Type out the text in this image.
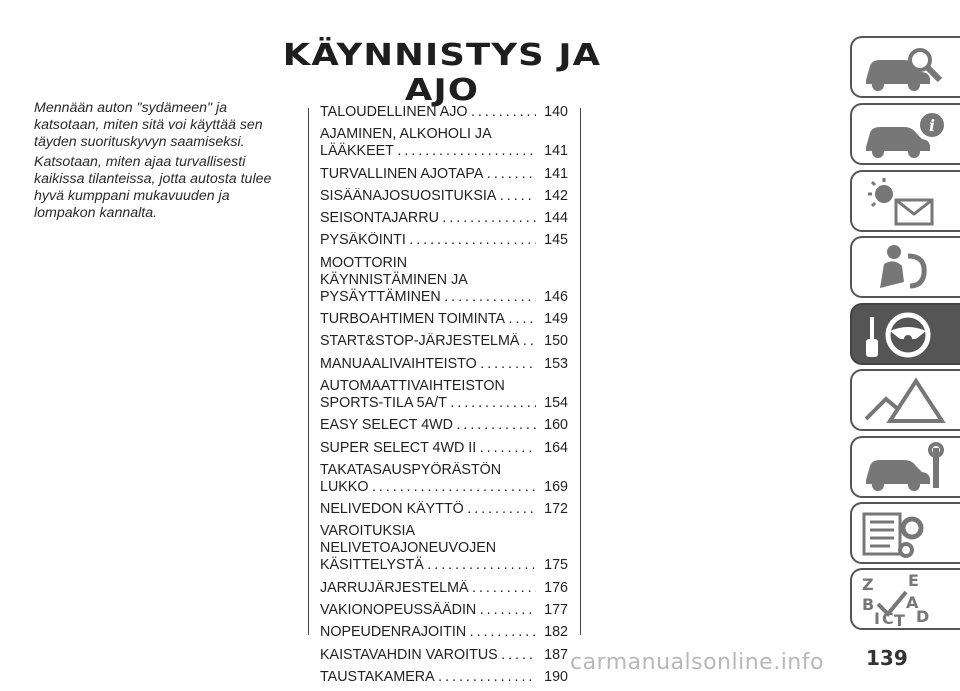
KÄYNNISTYS JA AJO

Mennään auton "sydämeen" ja katsotaan, miten sitä voi käyttää sen täyden suorituskyvyn saamiseksi.

Katsotaan, miten ajaa turvallisesti kaikissa tilanteissa, jotta autosta tulee hyvä kumppani mukavuuden ja lompakon kannalta.

TALOUDELLINEN AJO . . .	140
AJAMINEN, ALKOHOLI JA
LÄÄKKEET . . .	141
TURVALLINEN AJOTAPA . . .	141
SISÄÄNAJOSUOSITUKSIA . . .	142
SEISONTAJARRU . . .	144
PYSÄKÖINTI . . .	145
MOOTTORIN
KÄYNNISTÄMINEN JA
PYSÄYTTÄMINEN . . .	146
TURBOAHTIMEN TOIMINTA . . .	149
START&STOP-JÄRJESTELMÄ . . .	150
MANUAALIVAIHTEISTO . . .	153
AUTOMAATTIVAIHTEISTON
SPORTS-TILA 5A/T . . .	154
EASY SELECT 4WD . . .	160
SUPER SELECT 4WD II . . .	164
TAKATASAUSPYÖRÄSTÖN
LUKKO . . .	169
NELIVEDON KÄYTTÖ . . .	172
VAROITUKSIA
NELIVETOAJONEUVOJEN
KÄSITTELYSTÄ . . .	175
JARRUJÄRJESTELMÄ . . .	176
VAKIONOPEUSSÄÄDIN . . .	177
NOPEUDENRAJOITIN . . .	182
KAISTAVAHDIN VAROITUS . . .	187
TAUSTAKAMERA . . .	190
i
Z E
B A
I C T D
carmanualsonline.info 139
